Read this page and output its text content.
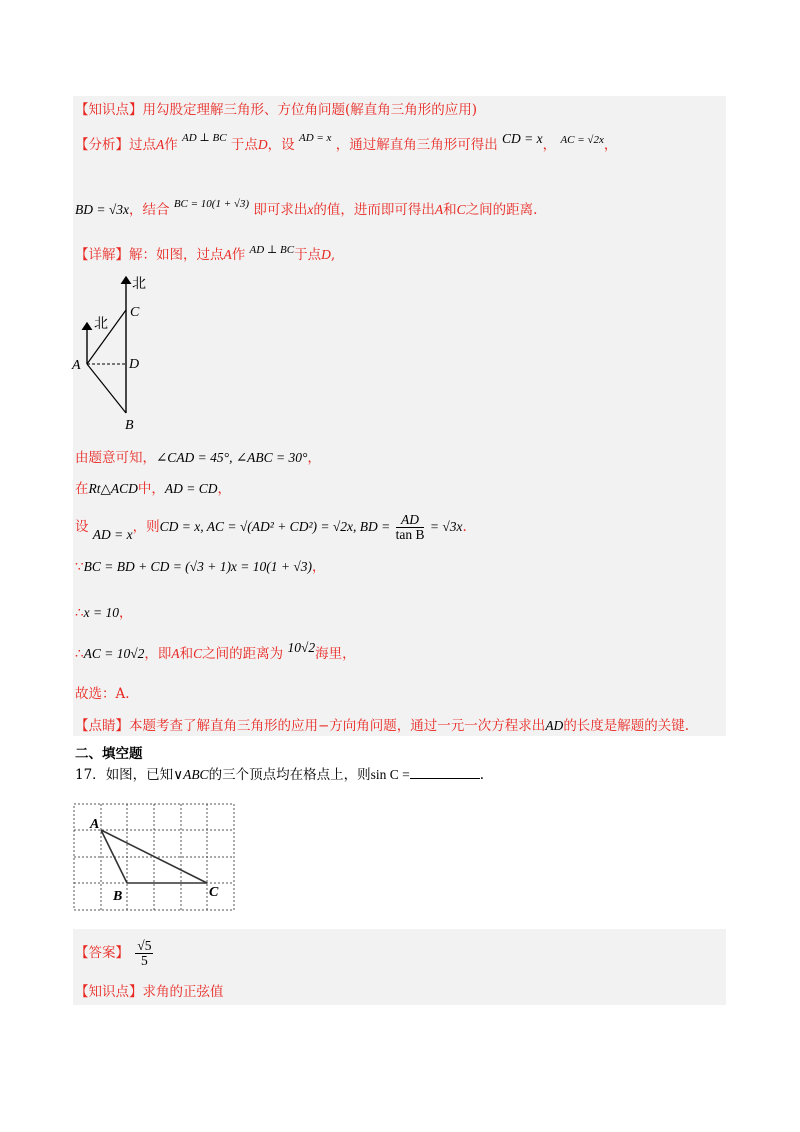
【知识点】用勾股定理解三角形、方位角问题(解直角三角形的应用)
【分析】过点A作 $^{AD \perp BC}$ 于点D，设 $^{AD = x}$ ，通过解直角三角形可得出 CD = x， $^{AC = √2x}$，
BD = √3x，结合 $^{BC = 10(1 + √3)}$ 即可求出x的值，进而即可得出A和C之间的距离.
【详解】解：如图，过点A作 $^{AD \perp BC}$于点D,
北
北
A
B
C
D
由题意可知，∠CAD = 45°, ∠ABC = 30°，
在Rt△ACD中，AD = CD，
设 AD = x，则CD = x, AC = √(AD² + CD²) = √2x, BD = $\frac{AD}{\text{tan B}} = √3x$.
∵BC = BD + CD = (√3 + 1)x = 10(1 + √3)，
∴x = 10，
∴AC = 10√2，即A和C之间的距离为 10√2海里，
故选：A.
【点睛】本题考查了解直角三角形的应用−方向角问题，通过一元一次方程求出AD的长度是解题的关键.
二、填空题
17．如图，已知∨ABC的三个顶点均在格点上，则sin C =	.
A
B	C
【答案】 $\frac{√5}{5}$
【知识点】求角的正弦值
